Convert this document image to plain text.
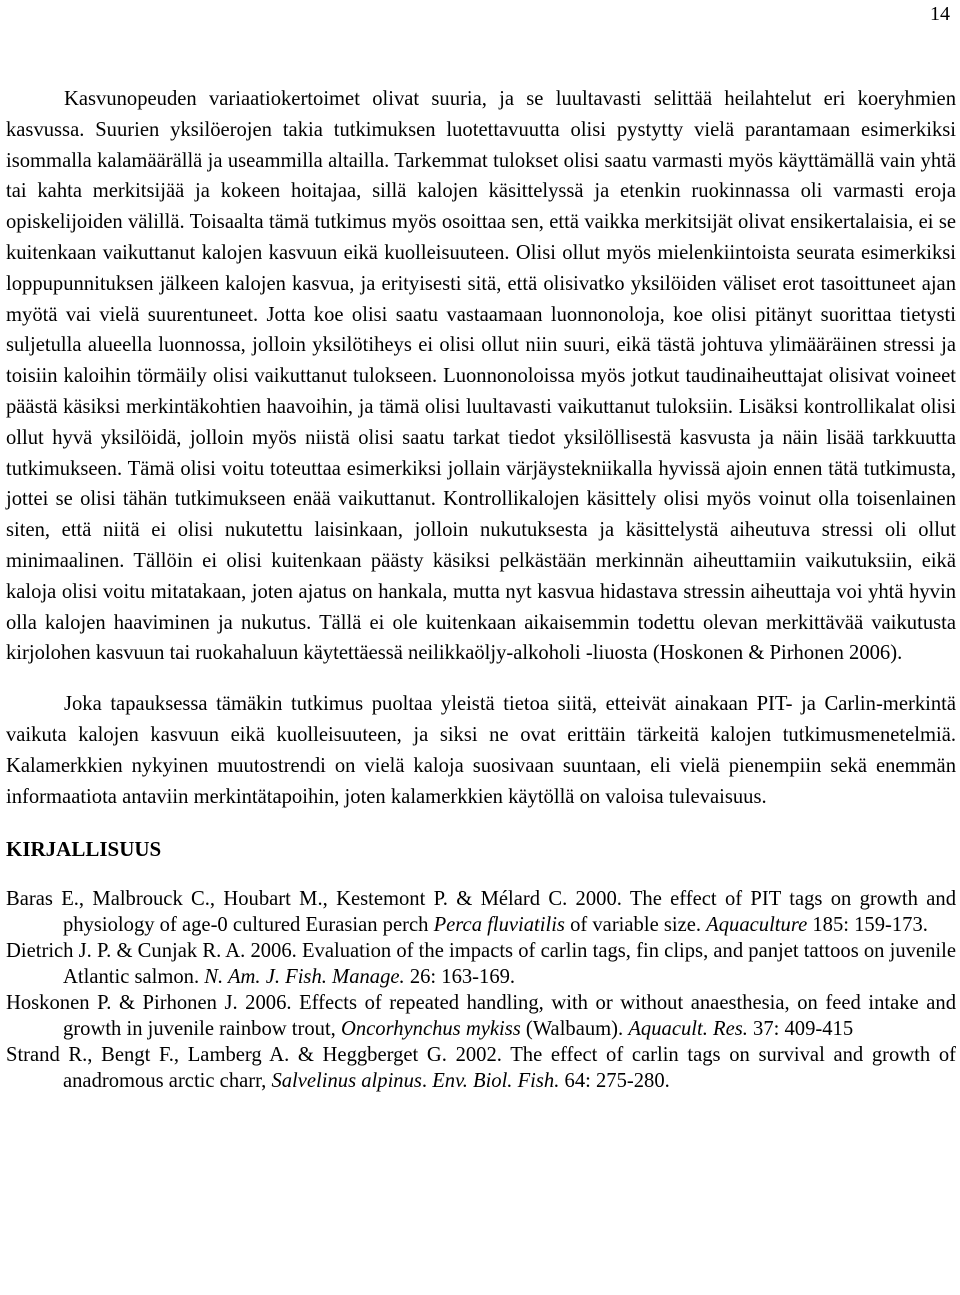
14

Kasvunopeuden variaatiokertoimet olivat suuria, ja se luultavasti selittää heilahtelut eri koeryhmien kasvussa. Suurien yksilöerojen takia tutkimuksen luotettavuutta olisi pystytty vielä parantamaan esimerkiksi isommalla kalamäärällä ja useammilla altailla. Tarkemmat tulokset olisi saatu varmasti myös käyttämällä vain yhtä tai kahta merkitsijää ja kokeen hoitajaa, sillä kalojen käsittelyssä ja etenkin ruokinnassa oli varmasti eroja opiskelijoiden välillä. Toisaalta tämä tutkimus myös osoittaa sen, että vaikka merkitsijät olivat ensikertalaisia, ei se kuitenkaan vaikuttanut kalojen kasvuun eikä kuolleisuuteen. Olisi ollut myös mielenkiintoista seurata esimerkiksi loppupunnituksen jälkeen kalojen kasvua, ja erityisesti sitä, että olisivatko yksilöiden väliset erot tasoittuneet ajan myötä vai vielä suurentuneet. Jotta koe olisi saatu vastaamaan luonnonoloja, koe olisi pitänyt suorittaa tietysti suljetulla alueella luonnossa, jolloin yksilötiheys ei olisi ollut niin suuri, eikä tästä johtuva ylimääräinen stressi ja toisiin kaloihin törmäily olisi vaikuttanut tulokseen. Luonnonoloissa myös jotkut taudinaiheuttajat olisivat voineet päästä käsiksi merkintäkohtien haavoihin, ja tämä olisi luultavasti vaikuttanut tuloksiin. Lisäksi kontrollikalat olisi ollut hyvä yksilöidä, jolloin myös niistä olisi saatu tarkat tiedot yksilöllisestä kasvusta ja näin lisää tarkkuutta tutkimukseen. Tämä olisi voitu toteuttaa esimerkiksi jollain värjäystekniikalla hyvissä ajoin ennen tätä tutkimusta, jottei se olisi tähän tutkimukseen enää vaikuttanut. Kontrollikalojen käsittely olisi myös voinut olla toisenlainen siten, että niitä ei olisi nukutettu laisinkaan, jolloin nukutuksesta ja käsittelystä aiheutuva stressi oli ollut minimaalinen. Tällöin ei olisi kuitenkaan päästy käsiksi pelkästään merkinnän aiheuttamiin vaikutuksiin, eikä kaloja olisi voitu mitatakaan, joten ajatus on hankala, mutta nyt kasvua hidastava stressin aiheuttaja voi yhtä hyvin olla kalojen haaviminen ja nukutus. Tällä ei ole kuitenkaan aikaisemmin todettu olevan merkittävää vaikutusta kirjolohen kasvuun tai ruokahaluun käytettäessä neilikkaöljy-alkoholi -liuosta (Hoskonen & Pirhonen 2006).

Joka tapauksessa tämäkin tutkimus puoltaa yleistä tietoa siitä, etteivät ainakaan PIT- ja Carlin-merkintä vaikuta kalojen kasvuun eikä kuolleisuuteen, ja siksi ne ovat erittäin tärkeitä kalojen tutkimusmenetelmiä. Kalamerkkien nykyinen muutostrendi on vielä kaloja suosivaan suuntaan, eli vielä pienempiin sekä enemmän informaatiota antaviin merkintätapoihin, joten kalamerkkien käytöllä on valoisa tulevaisuus.

KIRJALLISUUS
Baras E., Malbrouck C., Houbart M., Kestemont P. & Mélard C. 2000. The effect of PIT tags on growth and physiology of age-0 cultured Eurasian perch Perca fluviatilis of variable size. Aquaculture 185: 159-173.
Dietrich J. P. & Cunjak R. A. 2006. Evaluation of the impacts of carlin tags, fin clips, and panjet tattoos on juvenile Atlantic salmon. N. Am. J. Fish. Manage. 26: 163-169.
Hoskonen P. & Pirhonen J. 2006. Effects of repeated handling, with or without anaesthesia, on feed intake and growth in juvenile rainbow trout, Oncorhynchus mykiss (Walbaum). Aquacult. Res. 37: 409-415
Strand R., Bengt F., Lamberg A. & Heggberget G. 2002. The effect of carlin tags on survival and growth of anadromous arctic charr, Salvelinus alpinus. Env. Biol. Fish. 64: 275-280.
